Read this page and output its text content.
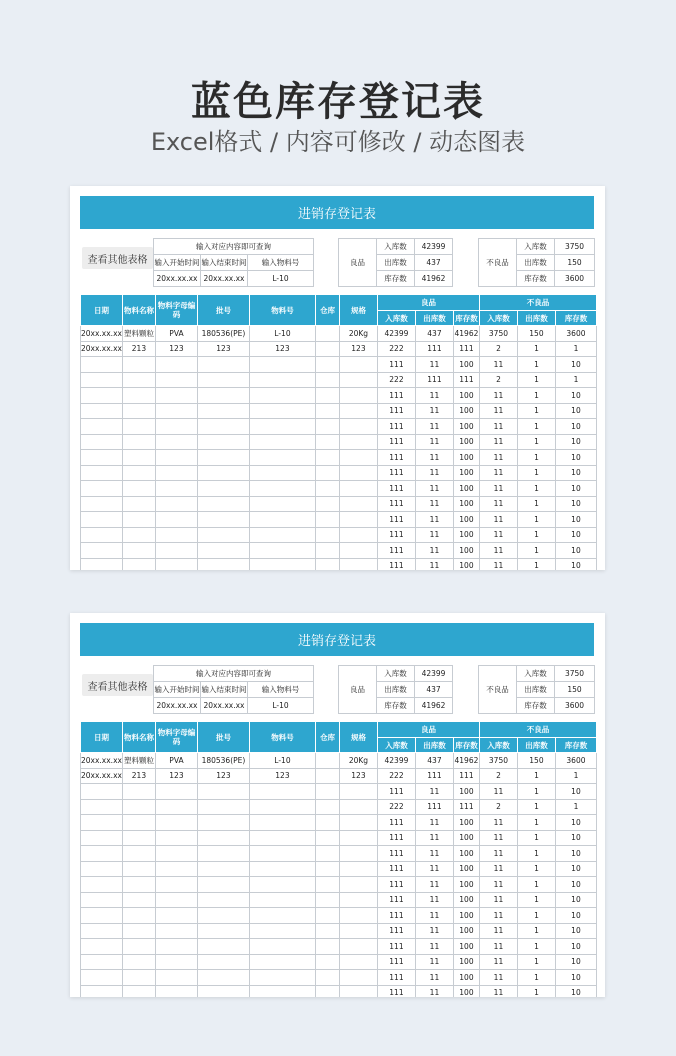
蓝色库存登记表
Excel格式 / 内容可修改 / 动态图表
进销存登记表
查看其他表格
输入对应内容即可查询		
输入开始时间	输入结束时间	输入物料号
20xx.xx.xx	20xx.xx.xx	L-10
良品	入库数	42399
	出库数	437
	库存数	41962
不良品	入库数	3750
	出库数	150
	库存数	3600
日期	物料名称	物料字母编码	批号	物料号	仓库	规格	良品			不良品		
							入库数	出库数	库存数	入库数	出库数	库存数
20xx.xx.xx	塑料颗粒	PVA	180536(PE)	L-10		20Kg	42399	437	41962	3750	150	3600
20xx.xx.xx	213	123	123	123		123	222	111	111	2	1	1
							111	11	100	11	1	10
							222	111	111	2	1	1
							111	11	100	11	1	10
							111	11	100	11	1	10
							111	11	100	11	1	10
							111	11	100	11	1	10
							111	11	100	11	1	10
							111	11	100	11	1	10
							111	11	100	11	1	10
							111	11	100	11	1	10
							111	11	100	11	1	10
							111	11	100	11	1	10
							111	11	100	11	1	10
							111	11	100	11	1	10
进销存登记表
查看其他表格
输入对应内容即可查询		
输入开始时间	输入结束时间	输入物料号
20xx.xx.xx	20xx.xx.xx	L-10
良品	入库数	42399
	出库数	437
	库存数	41962
不良品	入库数	3750
	出库数	150
	库存数	3600
日期	物料名称	物料字母编码	批号	物料号	仓库	规格	良品			不良品		
							入库数	出库数	库存数	入库数	出库数	库存数
20xx.xx.xx	塑料颗粒	PVA	180536(PE)	L-10		20Kg	42399	437	41962	3750	150	3600
20xx.xx.xx	213	123	123	123		123	222	111	111	2	1	1
							111	11	100	11	1	10
							222	111	111	2	1	1
							111	11	100	11	1	10
							111	11	100	11	1	10
							111	11	100	11	1	10
							111	11	100	11	1	10
							111	11	100	11	1	10
							111	11	100	11	1	10
							111	11	100	11	1	10
							111	11	100	11	1	10
							111	11	100	11	1	10
							111	11	100	11	1	10
							111	11	100	11	1	10
							111	11	100	11	1	10
